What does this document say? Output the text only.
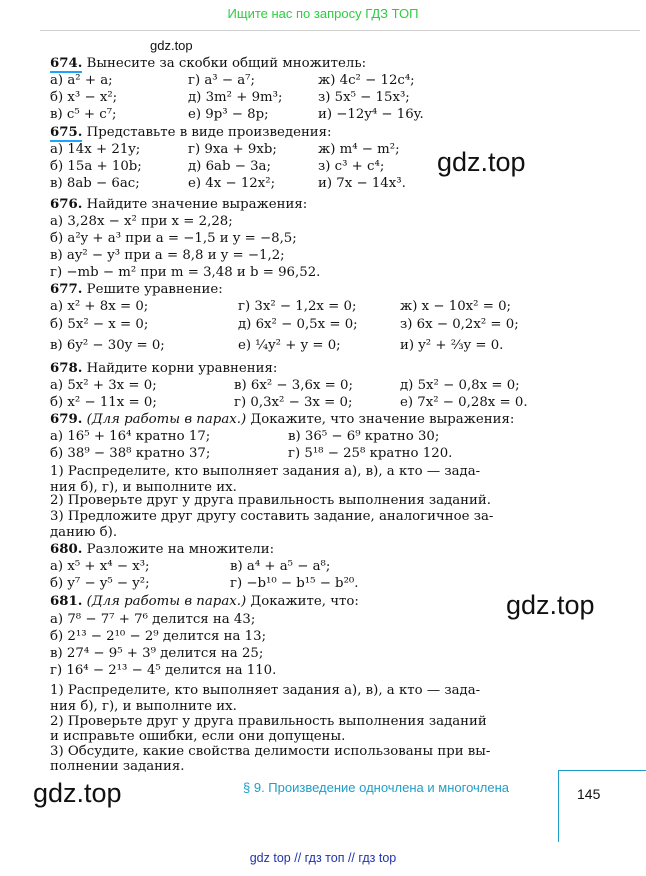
Ищите нас по запросу ГДЗ ТОП
gdz.top
gdz.top
gdz.top
gdz.top
674. Вынесите за скобки общий множитель:
а) a² + a;	г) a³ − a⁷;	ж) 4c² − 12c⁴;
б) x³ − x²;	д) 3m² + 9m³;	з) 5x⁵ − 15x³;
в) c⁵ + c⁷;	е) 9p³ − 8p;	и) −12y⁴ − 16y.
675. Представьте в виде произведения:
а) 14x + 21y;	г) 9xa + 9xb;	ж) m⁴ − m²;
б) 15a + 10b;	д) 6ab − 3a;	з) c³ + c⁴;
в) 8ab − 6ac;	е) 4x − 12x²;	и) 7x − 14x³.
676. Найдите значение выражения:
а) 3,28x − x² при x = 2,28;
б) a²y + a³ при a = −1,5 и y = −8,5;
в) ay² − y³ при a = 8,8 и y = −1,2;
г) −mb − m² при m = 3,48 и b = 96,52.
677. Решите уравнение:
а) x² + 8x = 0;	г) 3x² − 1,2x = 0;	ж) x − 10x² = 0;
б) 5x² − x = 0;	д) 6x² − 0,5x = 0;	з) 6x − 0,2x² = 0;
в) 6y² − 30y = 0;	е) ¼y² + y = 0;	и) y² + ⅔y = 0.
678. Найдите корни уравнения:
а) 5x² + 3x = 0;	в) 6x² − 3,6x = 0;	д) 5x² − 0,8x = 0;
б) x² − 11x = 0;	г) 0,3x² − 3x = 0;	е) 7x² − 0,28x = 0.
679. (Для работы в парах.) Докажите, что значение выражения:
а) 16⁵ + 16⁴ кратно 17;	в) 36⁵ − 6⁹ кратно 30;
б) 38⁹ − 38⁸ кратно 37;	г) 5¹⁸ − 25⁸ кратно 120.
1) Распределите, кто выполняет задания а), в), а кто — зада-
ния б), г), и выполните их.
2) Проверьте друг у друга правильность выполнения заданий.
3) Предложите друг другу составить задание, аналогичное за-
данию б).
680. Разложите на множители:
а) x⁵ + x⁴ − x³;	в) a⁴ + a⁵ − a⁸;
б) y⁷ − y⁵ − y²;	г) −b¹⁰ − b¹⁵ − b²⁰.
681. (Для работы в парах.) Докажите, что:
а) 7⁸ − 7⁷ + 7⁶ делится на 43;
б) 2¹³ − 2¹⁰ − 2⁹ делится на 13;
в) 27⁴ − 9⁵ + 3⁹ делится на 25;
г) 16⁴ − 2¹³ − 4⁵ делится на 110.
1) Распределите, кто выполняет задания а), в), а кто — зада-
ния б), г), и выполните их.
2) Проверьте друг у друга правильность выполнения заданий
и исправьте ошибки, если они допущены.
3) Обсудите, какие свойства делимости использованы при вы-
полнении задания.
§ 9. Произведение одночлена и многочлена	145
gdz top // гдз топ // гдз top
